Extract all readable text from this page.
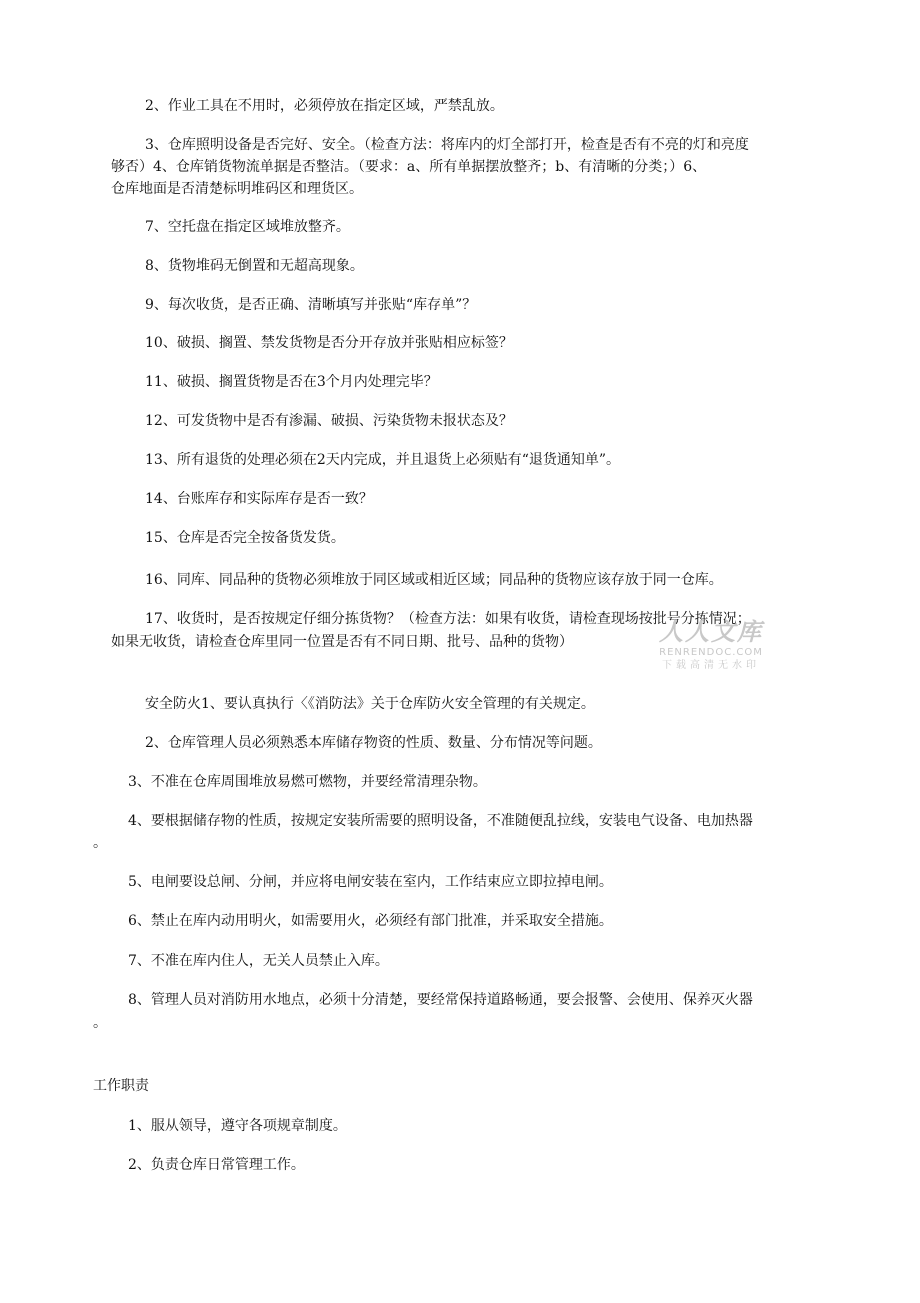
2、作业工具在不用时，必须停放在指定区域，严禁乱放。

3、仓库照明设备是否完好、安全。（检查方法：将库内的灯全部打开，检查是否有不亮的灯和亮度

够否）4、仓库销货物流单据是否整洁。（要求：a、所有单据摆放整齐；b、有清晰的分类；）6、

仓库地面是否清楚标明堆码区和理货区。

7、空托盘在指定区域堆放整齐。

8、货物堆码无倒置和无超高现象。

9、每次收货，是否正确、清晰填写并张贴“库存单”？

10、破损、搁置、禁发货物是否分开存放并张贴相应标签？

11、破损、搁置货物是否在3个月内处理完毕？

12、可发货物中是否有渗漏、破损、污染货物未报状态及？

13、所有退货的处理必须在2天内完成，并且退货上必须贴有“退货通知单”。

14、台账库存和实际库存是否一致？

15、仓库是否完全按备货发货。

16、同库、同品种的货物必须堆放于同区域或相近区域；同品种的货物应该存放于同一仓库。

17、收货时，是否按规定仔细分拣货物？（检查方法：如果有收货，请检查现场按批号分拣情况；

如果无收货，请检查仓库里同一位置是否有不同日期、批号、品种的货物）	人人文库
RENRENDOC.COM
下载高清无水印

安全防火1、要认真执行〈《消防法》关于仓库防火安全管理的有关规定。

2、仓库管理人员必须熟悉本库储存物资的性质、数量、分布情况等问题。

3、不准在仓库周围堆放易燃可燃物，并要经常清理杂物。

4、要根据储存物的性质，按规定安装所需要的照明设备，不准随便乱拉线，安装电气设备、电加热器

。

5、电闸要设总闸、分闸，并应将电闸安装在室内，工作结束应立即拉掉电闸。

6、禁止在库内动用明火，如需要用火，必须经有部门批准，并采取安全措施。

7、不准在库内住人，无关人员禁止入库。

8、管理人员对消防用水地点，必须十分清楚，要经常保持道路畅通，要会报警、会使用、保养灭火器

。

工作职责

1、服从领导，遵守各项规章制度。

2、负责仓库日常管理工作。
